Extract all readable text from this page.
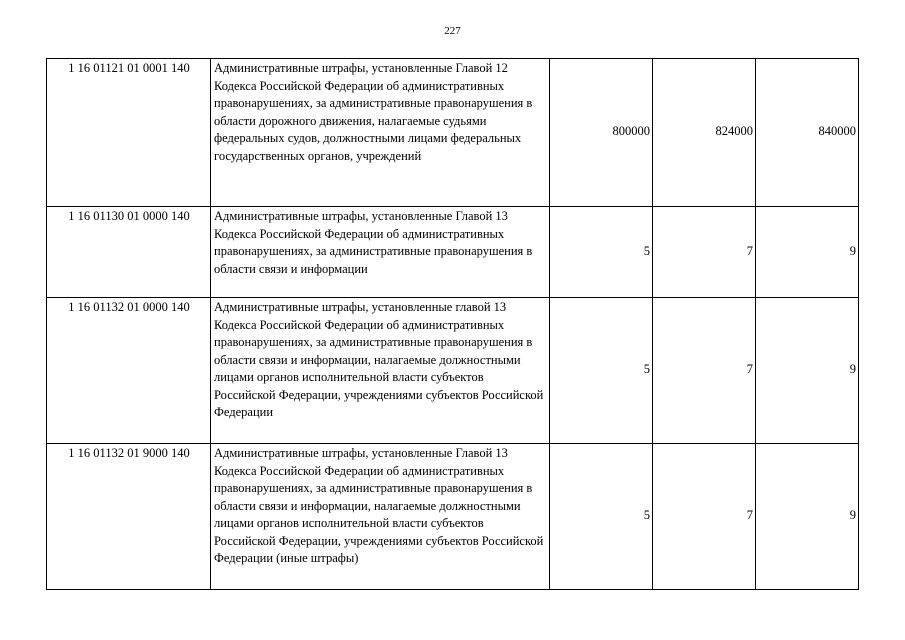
227
1 16 01121 01 0001 140	Административные штрафы, установленные Главой 12 Кодекса Российской Федерации об административных правонарушениях, за административные правонарушения в области дорожного движения, налагаемые судьями федеральных судов, должностными лицами федеральных государственных органов, учреждений	800000	824000	840000
1 16 01130 01 0000 140	Административные штрафы, установленные Главой 13 Кодекса Российской Федерации об административных правонарушениях, за административные правонарушения в области связи и информации	5	7	9
1 16 01132 01 0000 140	Административные штрафы, установленные главой 13 Кодекса Российской Федерации об административных правонарушениях, за административные правонарушения в области связи и информации, налагаемые должностными лицами органов исполнительной власти субъектов Российской Федерации, учреждениями субъектов Российской Федерации	5	7	9
1 16 01132 01 9000 140	Административные штрафы, установленные Главой 13 Кодекса Российской Федерации об административных правонарушениях, за административные правонарушения в области связи и информации, налагаемые должностными лицами органов исполнительной власти субъектов Российской Федерации, учреждениями субъектов Российской Федерации (иные штрафы)	5	7	9
